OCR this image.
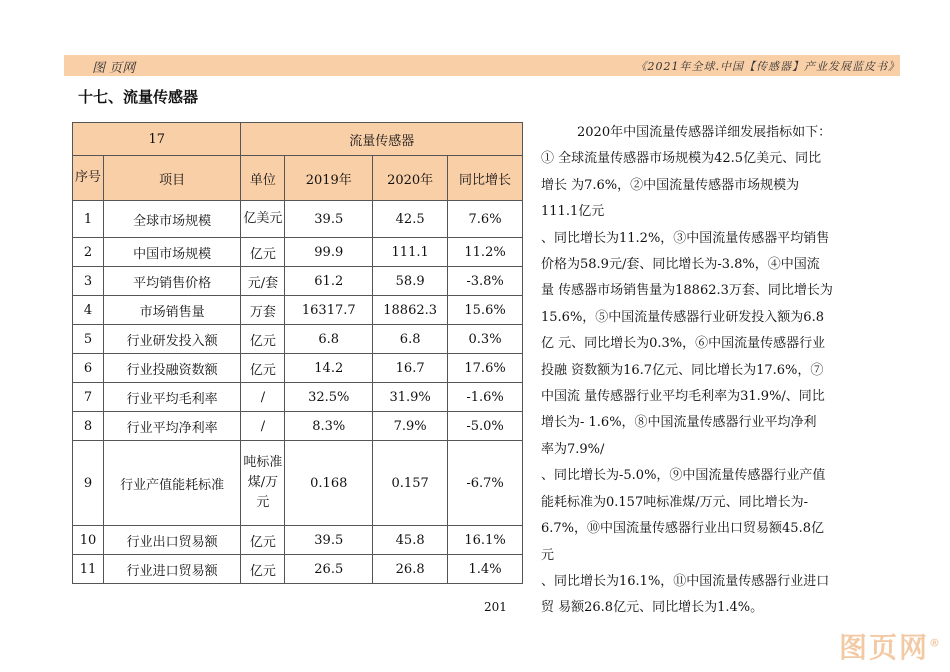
图 页网	《2021年全球.中国【传感器】产业发展蓝皮书》
十七、流量传感器
17		流量传感器			
序号	项目	单位	2019年	2020年	同比增长
1	全球市场规模	亿美元	39.5	42.5	7.6%
2	中国市场规模	亿元	99.9	111.1	11.2%
3	平均销售价格	元/套	61.2	58.9	-3.8%
4	市场销售量	万套	16317.7	18862.3	15.6%
5	行业研发投入额	亿元	6.8	6.8	0.3%
6	行业投融资数额	亿元	14.2	16.7	17.6%
7	行业平均毛利率	/	32.5%	31.9%	-1.6%
8	行业平均净利率	/	8.3%	7.9%	-5.0%
9	行业产值能耗标准	吨标准煤/万元	0.168	0.157	-6.7%
10	行业出口贸易额	亿元	39.5	45.8	16.1%
11	行业进口贸易额	亿元	26.5	26.8	1.4%
201
2020年中国流量传感器详细发展指标如下：
① 全球流量传感器市场规模为42.5亿美元、同比
增长 为7.6%，②中国流量传感器市场规模为
111.1亿元
、同比增长为11.2%，③中国流量传感器平均销售
价格为58.9元/套、同比增长为-3.8%，④中国流
量 传感器市场销售量为18862.3万套、同比增长为
15.6%，⑤中国流量传感器行业研发投入额为6.8
亿 元、同比增长为0.3%，⑥中国流量传感器行业
投融 资数额为16.7亿元、同比增长为17.6%，⑦
中国流 量传感器行业平均毛利率为31.9%/、同比
增长为- 1.6%，⑧中国流量传感器行业平均净利
率为7.9%/
、同比增长为-5.0%，⑨中国流量传感器行业产值
能耗标准为0.157吨标准煤/万元、同比增长为-
6.7%，⑩中国流量传感器行业出口贸易额45.8亿
元
、同比增长为16.1%，⑪中国流量传感器行业进口
贸 易额26.8亿元、同比增长为1.4%。
图页网®
